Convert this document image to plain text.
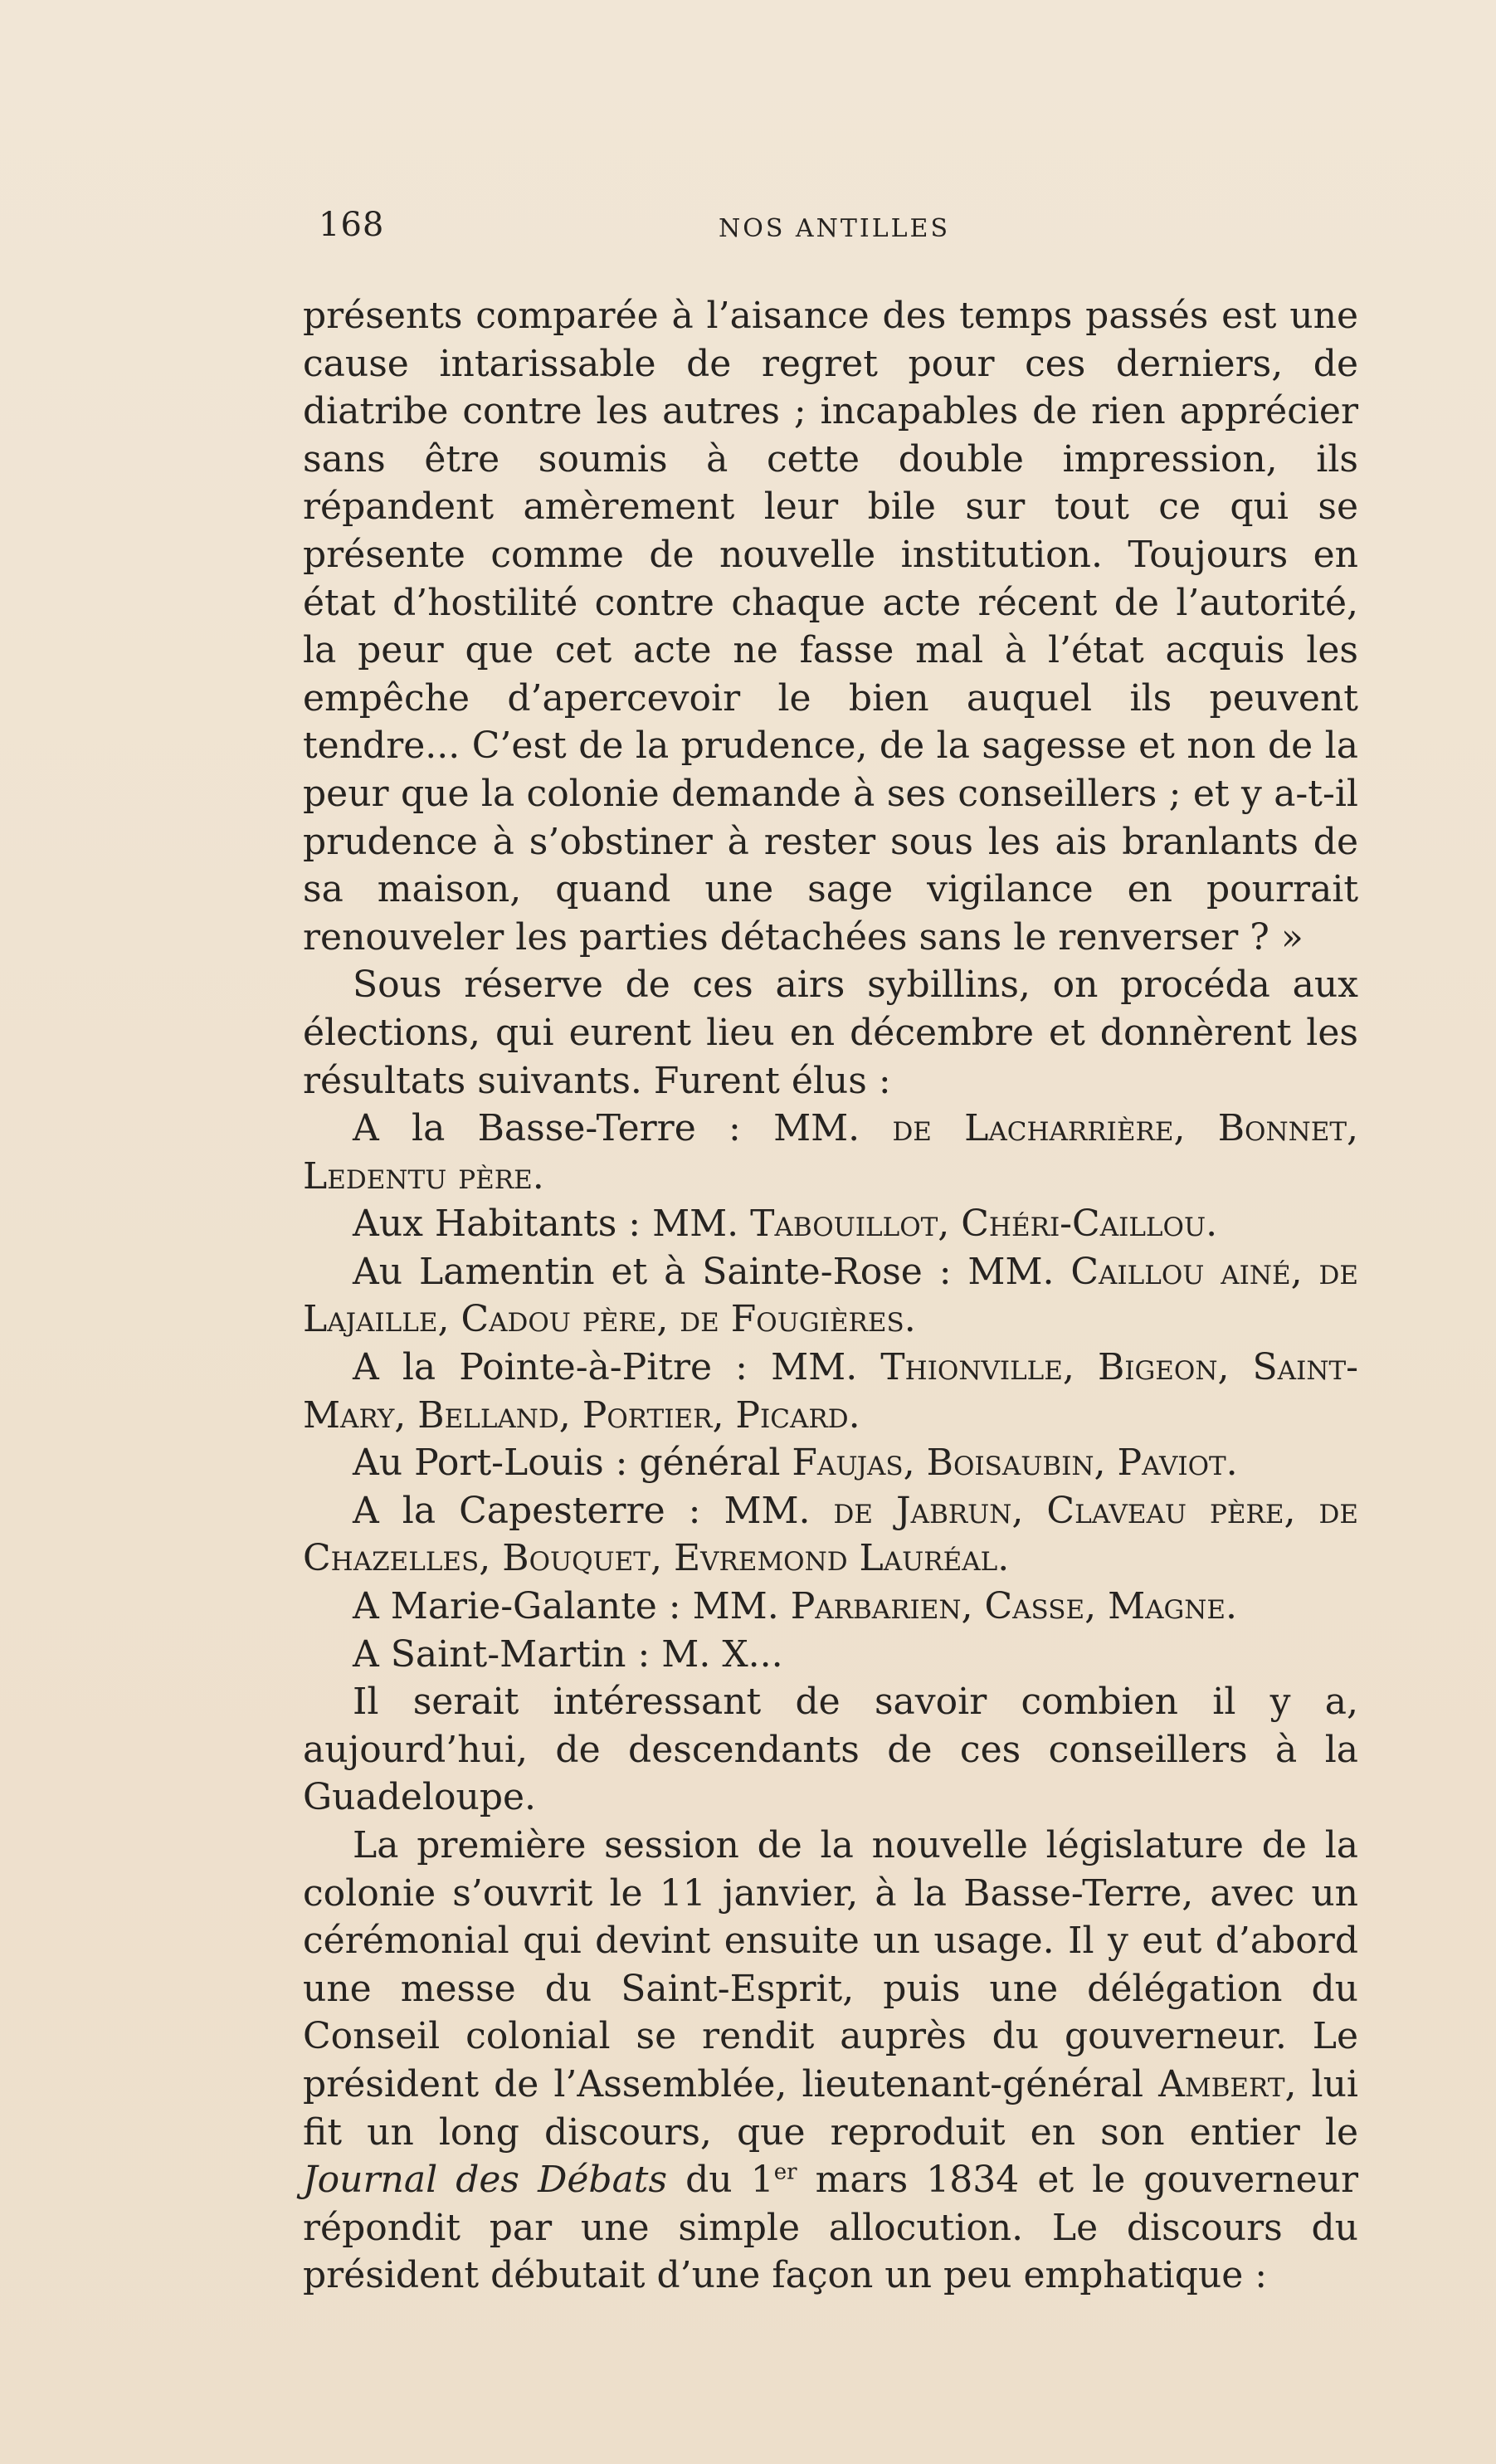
168	NOS ANTILLES

présents comparée à l’aisance des temps passés est une cause intarissable de regret pour ces derniers, de diatribe contre les autres ; incapables de rien apprécier sans être soumis à cette double impression, ils répandent amèrement leur bile sur tout ce qui se présente comme de nouvelle institution. Toujours en état d’hostilité contre chaque acte récent de l’autorité, la peur que cet acte ne fasse mal à l’état acquis les empêche d’apercevoir le bien auquel ils peuvent tendre... C’est de la prudence, de la sagesse et non de la peur que la colonie demande à ses conseillers ; et y a-t-il prudence à s’obstiner à rester sous les ais branlants de sa maison, quand une sage vigilance en pourrait renouveler les parties détachées sans le renverser ? »

Sous réserve de ces airs sybillins, on procéda aux élections, qui eurent lieu en décembre et donnèrent les résultats suivants. Furent élus :

A la Basse-Terre : MM. de Lacharrière, Bonnet, Ledentu père.

Aux Habitants : MM. Tabouillot, Chéri-Caillou.

Au Lamentin et à Sainte-Rose : MM. Caillou ainé, de Lajaille, Cadou père, de Fougières.

A la Pointe-à-Pitre : MM. Thionville, Bigeon, Saint-Mary, Belland, Portier, Picard.

Au Port-Louis : général Faujas, Boisaubin, Paviot.

A la Capesterre : MM. de Jabrun, Claveau père, de Chazelles, Bouquet, Evremond Lauréal.

A Marie-Galante : MM. Parbarien, Casse, Magne.

A Saint-Martin : M. X...

Il serait intéressant de savoir combien il y a, aujourd’hui, de descendants de ces conseillers à la Guadeloupe.

La première session de la nouvelle législature de la colonie s’ouvrit le 11 janvier, à la Basse-Terre, avec un cérémonial qui devint ensuite un usage. Il y eut d’abord une messe du Saint-Esprit, puis une délégation du Conseil colonial se rendit auprès du gouverneur. Le président de l’Assemblée, lieutenant-général Ambert, lui fit un long discours, que reproduit en son entier le Journal des Débats du 1er mars 1834 et le gouverneur répondit par une simple allocution. Le discours du président débutait d’une façon un peu emphatique :
